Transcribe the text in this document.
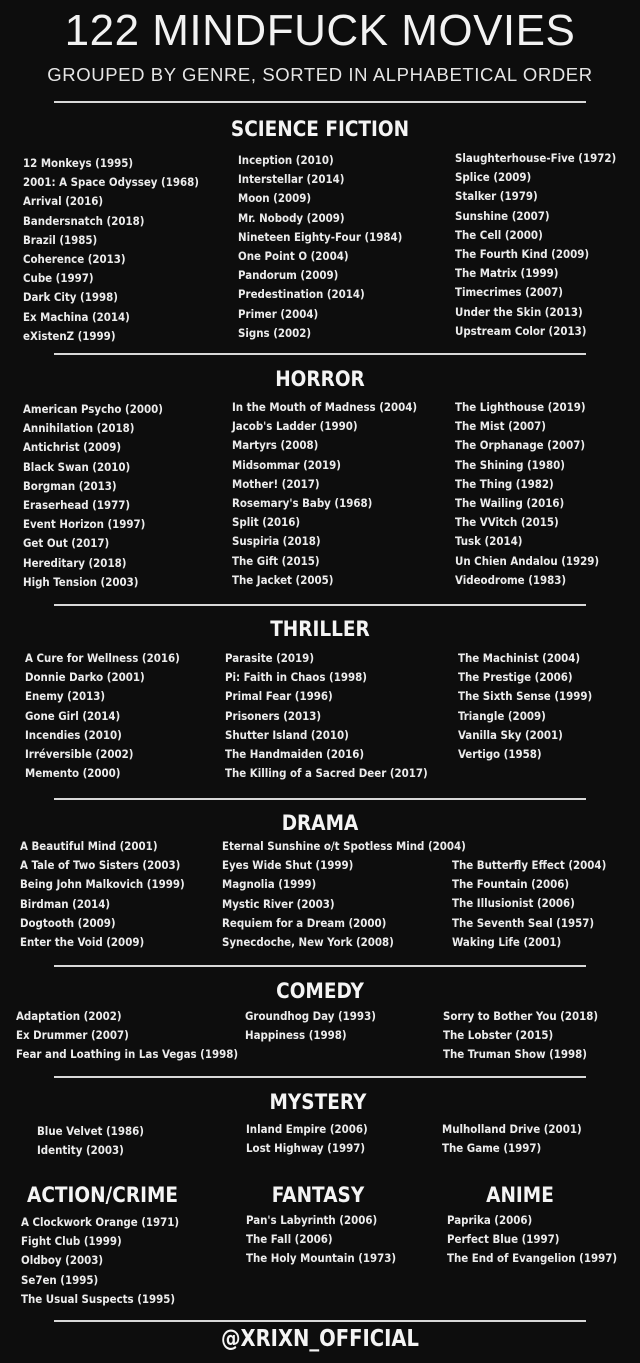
122 MINDFUCK MOVIES
GROUPED BY GENRE, SORTED IN ALPHABETICAL ORDER
SCIENCE FICTION
12 Monkeys (1995)
2001: A Space Odyssey (1968)
Arrival (2016)
Bandersnatch (2018)
Brazil (1985)
Coherence (2013)
Cube (1997)
Dark City (1998)
Ex Machina (2014)
eXistenZ (1999)
Inception (2010)
Interstellar (2014)
Moon (2009)
Mr. Nobody (2009)
Nineteen Eighty-Four (1984)
One Point O (2004)
Pandorum (2009)
Predestination (2014)
Primer (2004)
Signs (2002)
Slaughterhouse-Five (1972)
Splice (2009)
Stalker (1979)
Sunshine (2007)
The Cell (2000)
The Fourth Kind (2009)
The Matrix (1999)
Timecrimes (2007)
Under the Skin (2013)
Upstream Color (2013)
HORROR
American Psycho (2000)
Annihilation (2018)
Antichrist (2009)
Black Swan (2010)
Borgman (2013)
Eraserhead (1977)
Event Horizon (1997)
Get Out (2017)
Hereditary (2018)
High Tension (2003)
In the Mouth of Madness (2004)
Jacob's Ladder (1990)
Martyrs (2008)
Midsommar (2019)
Mother! (2017)
Rosemary's Baby (1968)
Split (2016)
Suspiria (2018)
The Gift (2015)
The Jacket (2005)
The Lighthouse (2019)
The Mist (2007)
The Orphanage (2007)
The Shining (1980)
The Thing (1982)
The Wailing (2016)
The VVitch (2015)
Tusk (2014)
Un Chien Andalou (1929)
Videodrome (1983)
THRILLER
A Cure for Wellness (2016)
Donnie Darko (2001)
Enemy (2013)
Gone Girl (2014)
Incendies (2010)
Irréversible (2002)
Memento (2000)
Parasite (2019)
Pi: Faith in Chaos (1998)
Primal Fear (1996)
Prisoners (2013)
Shutter Island (2010)
The Handmaiden (2016)
The Killing of a Sacred Deer (2017)
The Machinist (2004)
The Prestige (2006)
The Sixth Sense (1999)
Triangle (2009)
Vanilla Sky (2001)
Vertigo (1958)
DRAMA
A Beautiful Mind (2001)
A Tale of Two Sisters (2003)
Being John Malkovich (1999)
Birdman (2014)
Dogtooth (2009)
Enter the Void (2009)
Eternal Sunshine o/t Spotless Mind (2004)
Eyes Wide Shut (1999)
Magnolia (1999)
Mystic River (2003)
Requiem for a Dream (2000)
Synecdoche, New York (2008)
The Butterfly Effect (2004)
The Fountain (2006)
The Illusionist (2006)
The Seventh Seal (1957)
Waking Life (2001)
COMEDY
Adaptation (2002)
Ex Drummer (2007)
Fear and Loathing in Las Vegas (1998)
Groundhog Day (1993)
Happiness (1998)
Sorry to Bother You (2018)
The Lobster (2015)
The Truman Show (1998)
MYSTERY
Blue Velvet (1986)
Identity (2003)
Inland Empire (2006)
Lost Highway (1997)
Mulholland Drive (2001)
The Game (1997)
ACTION/CRIME
A Clockwork Orange (1971)
Fight Club (1999)
Oldboy (2003)
Se7en (1995)
The Usual Suspects (1995)
FANTASY
Pan's Labyrinth (2006)
The Fall (2006)
The Holy Mountain (1973)
ANIME
Paprika (2006)
Perfect Blue (1997)
The End of Evangelion (1997)
@XRIXN_OFFICIAL
